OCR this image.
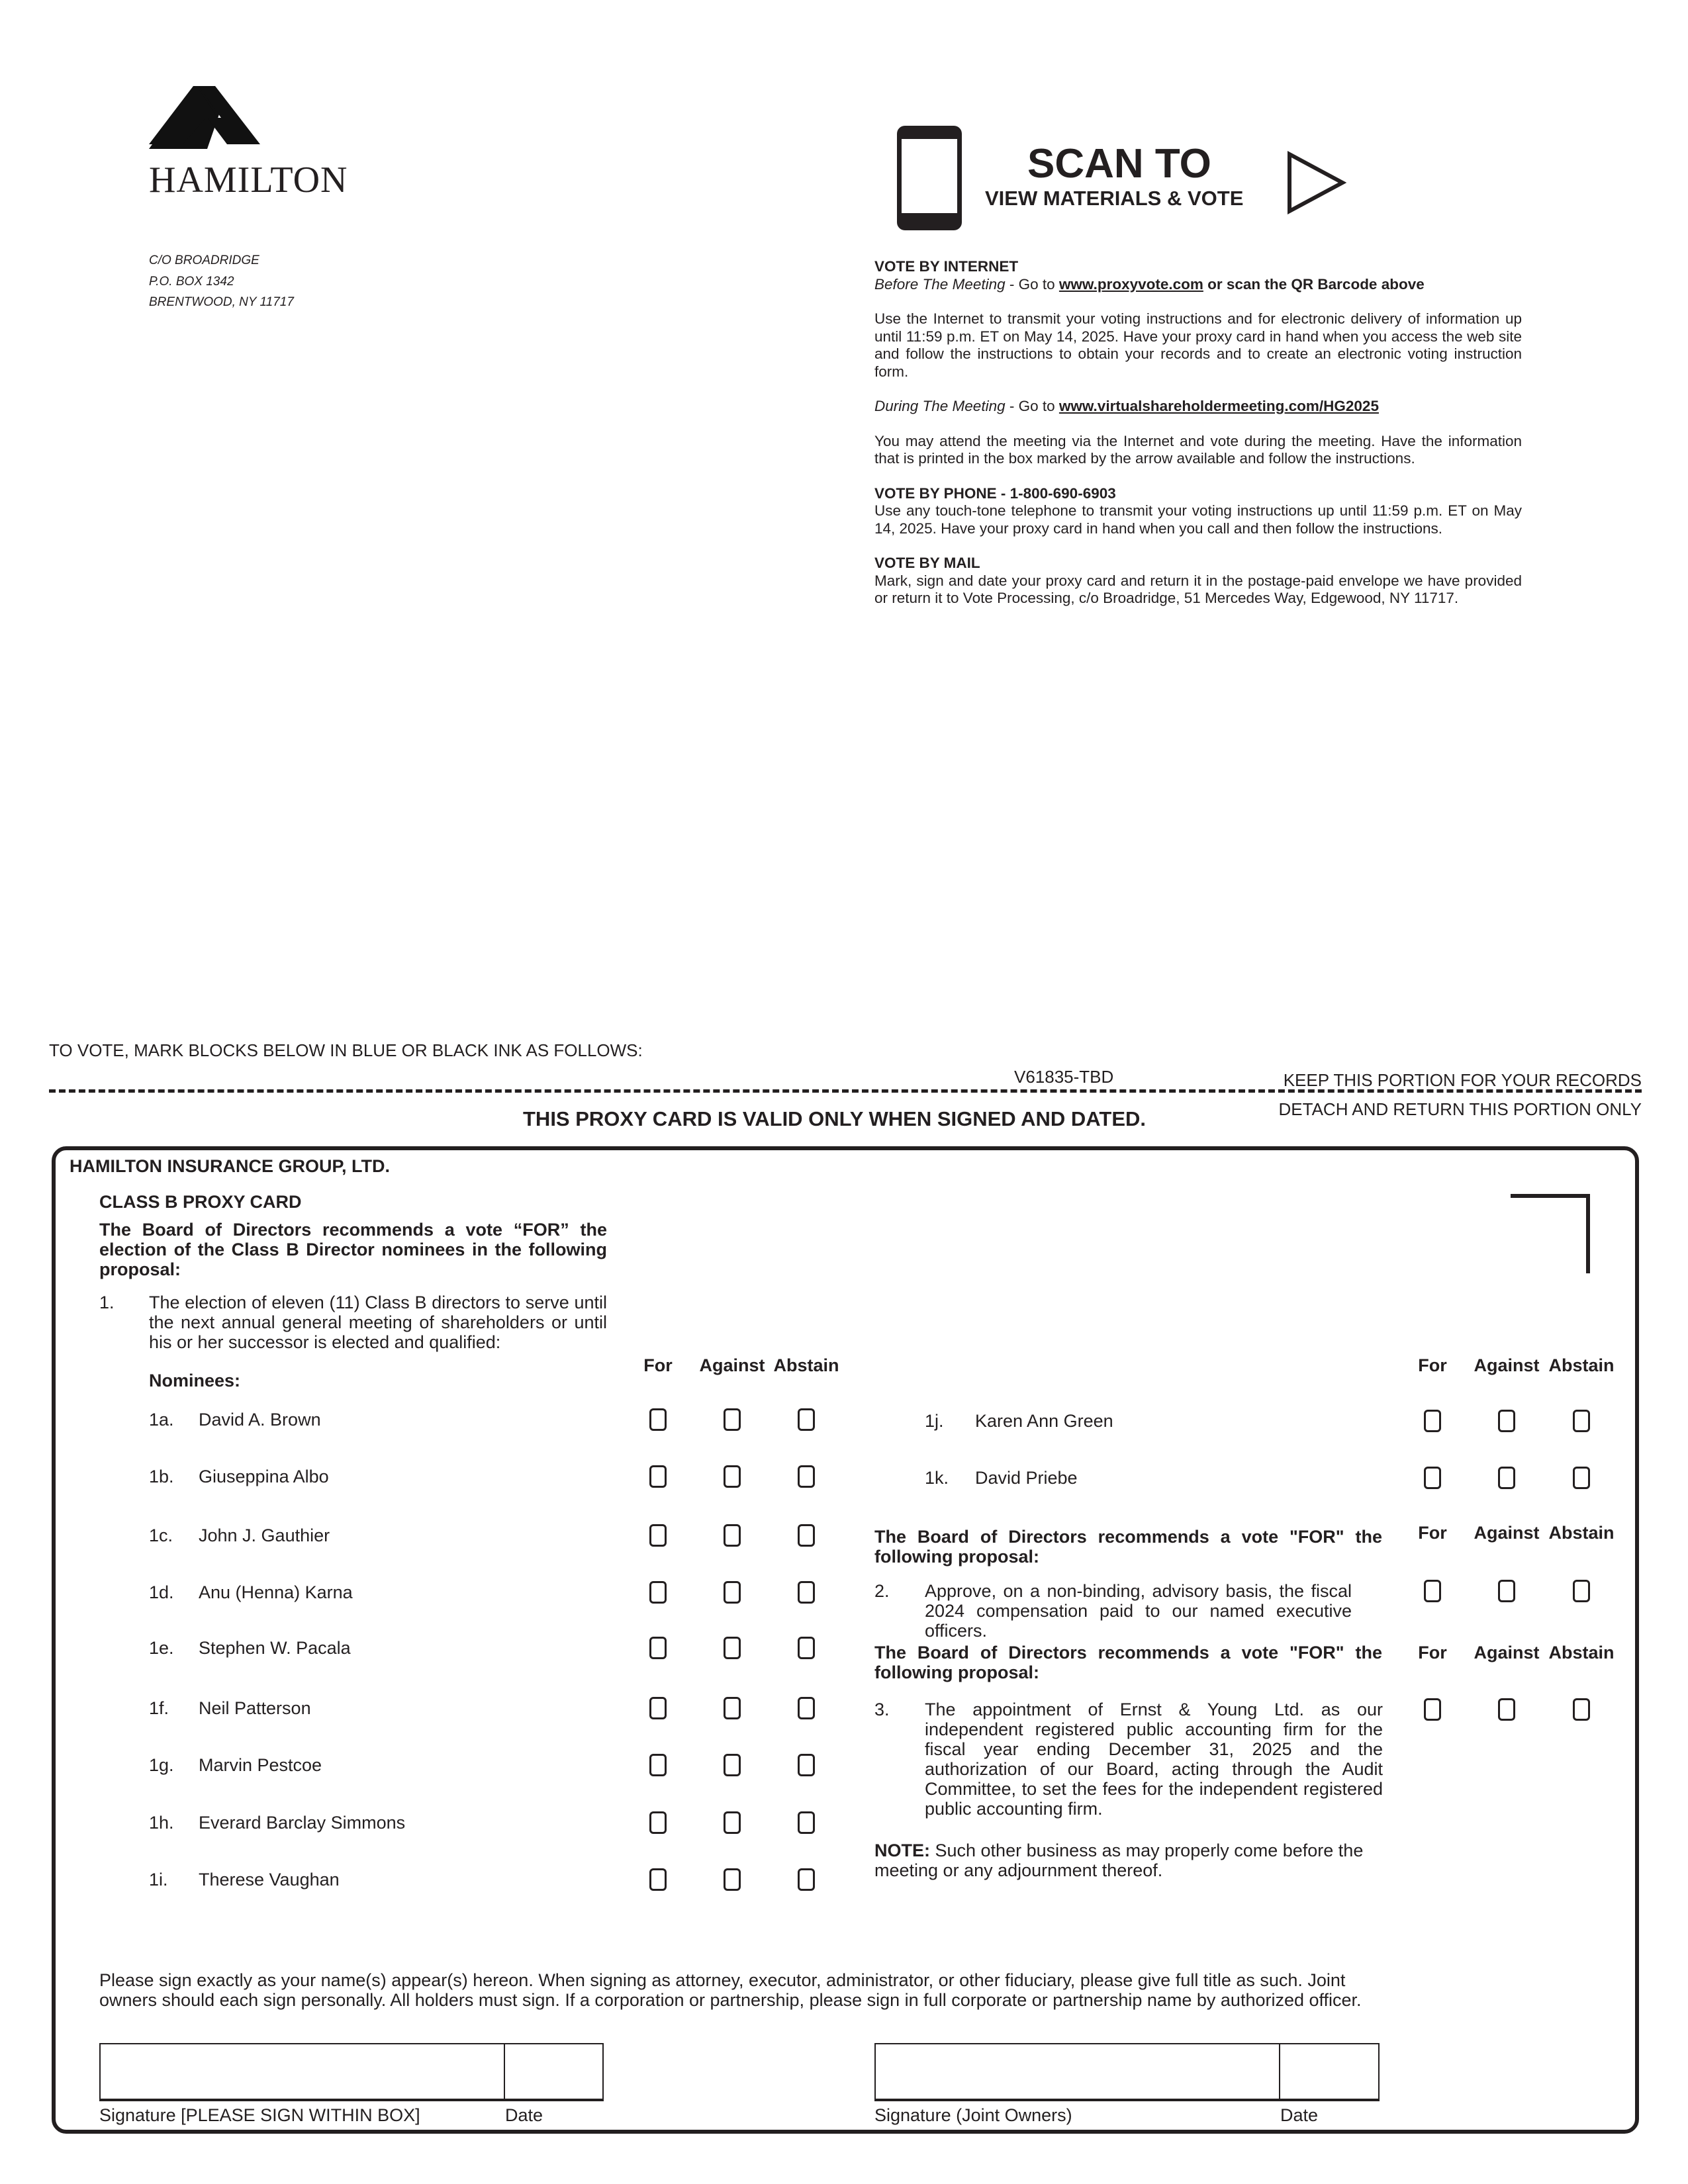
HAMILTON
C/O BROADRIDGE
P.O. BOX 1342
BRENTWOOD, NY 11717
SCAN TO
VIEW MATERIALS & VOTE
VOTE BY INTERNET

Before The Meeting - Go to www.proxyvote.com or scan the QR Barcode above

Use the Internet to transmit your voting instructions and for electronic delivery of information up until 11:59 p.m. ET on May 14, 2025. Have your proxy card in hand when you access the web site and follow the instructions to obtain your records and to create an electronic voting instruction form.

During The Meeting - Go to www.virtualshareholdermeeting.com/HG2025

You may attend the meeting via the Internet and vote during the meeting. Have the information that is printed in the box marked by the arrow available and follow the instructions.

VOTE BY PHONE - 1-800-690-6903

Use any touch-tone telephone to transmit your voting instructions up until 11:59 p.m. ET on May 14, 2025. Have your proxy card in hand when you call and then follow the instructions.

VOTE BY MAIL

Mark, sign and date your proxy card and return it in the postage-paid envelope we have provided or return it to Vote Processing, c/o Broadridge, 51 Mercedes Way, Edgewood, NY 11717.

TO VOTE, MARK BLOCKS BELOW IN BLUE OR BLACK INK AS FOLLOWS:
V61835-TBD	KEEP THIS PORTION FOR YOUR RECORDS
DETACH AND RETURN THIS PORTION ONLY
THIS PROXY CARD IS VALID ONLY WHEN SIGNED AND DATED.
HAMILTON INSURANCE GROUP, LTD.
CLASS B PROXY CARD
The Board of Directors recommends a vote “FOR” the election of the Class B Director nominees in the following proposal:
1. The election of eleven (11) Class B directors to serve until the next annual general meeting of shareholders or until his or her successor is elected and qualified:
Nominees:
For	Against Abstain	For	Against Abstain
For	Against Abstain
For	Against Abstain
1a. David A. Brown
1b. Giuseppina Albo
1c. John J. Gauthier
1d. Anu (Henna) Karna
1e. Stephen W. Pacala
1f. Neil Patterson
1g. Marvin Pestcoe
1h. Everard Barclay Simmons
1i. Therese Vaughan
1j. Karen Ann Green
1k. David Priebe
The Board of Directors recommends a vote "FOR" the following proposal:
2. Approve, on a non-binding, advisory basis, the fiscal 2024 compensation paid to our named executive officers.
The Board of Directors recommends a vote "FOR" the following proposal:
3. The appointment of Ernst & Young Ltd. as our independent registered public accounting firm for the fiscal year ending December 31, 2025 and the authorization of our Board, acting through the Audit Committee, to set the fees for the independent registered public accounting firm.
NOTE: Such other business as may properly come before the meeting or any adjournment thereof.
Please sign exactly as your name(s) appear(s) hereon. When signing as attorney, executor, administrator, or other fiduciary, please give full title as such. Joint owners should each sign personally. All holders must sign. If a corporation or partnership, please sign in full corporate or partnership name by authorized officer.
Signature [PLEASE SIGN WITHIN BOX]	Date	Signature (Joint Owners)	Date
